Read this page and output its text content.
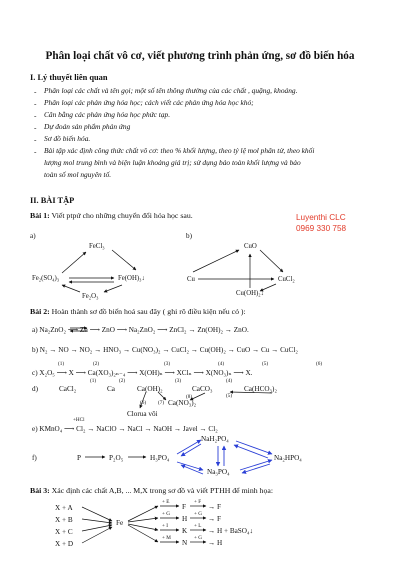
Phân loại chất vô cơ, viết phương trình phản ứng, sơ đồ biến hóa
I. Lý thuyết liên quan
- Phân loại các chất và tên gọi; một số tên thông thường của các chất , quặng, khoáng.
- Phân loại các phản ứng hóa học; cách viết các phản ứng hóa học khó;
- Cân bằng các phản ứng hóa học phức tạp.
- Dự đoán sản phẩm phản ứng
- Sơ đồ biến hóa.
- Bài tập xác định công thức chất vô cơ: theo % khối lượng, theo tỷ lệ mol phân tử, theo khối
lượng mol trung bình và biện luận khoảng giá trị; sử dụng bảo toàn khối lượng và bảo
toàn số mol nguyên tố.
II. BÀI TẬP
Bài 1: Viết ptpứ cho những chuyển đổi hóa học sau.	Luyenthi CLC
0969 330 758
a)
FeCl₃
Fe₂(SO₄)₃	Fe(OH)₃↓
Fe₂O₃
b)
CuO
Cu	CuCl₂
Cu(OH)₂↓
Bài 2: Hoàn thành sơ đồ biến hoá sau đây ( ghi rõ điều kiện nếu có ):
a) Na₂ZnO₂ ⟶ Zn ⟶ ZnO ⟶ Na₂ZnO₂ ⟶ ZnCl₂ → Zn(OH)₂ → ZnO.
b) N₂ → NO → NO₂ → HNO₃ → Cu(NO₃)₂ → CuCl₂ → Cu(OH)₂ → CuO → Cu → CuCl₂
c) X₂O₅ ⟶ X ⟶ Ca(XO₃)₂ₙ₋₄ ⟶ X(OH)ₙ ⟶ XClₙ ⟶ X(NO₃)ₙ ⟶ X.
(1)	(2)	(3)	(4)	(5)	(6)
d)	CaCl₂	Ca	Ca(OH)₂	CaCO₃	Ca(HCO₃)₂
Clorua vôi
Ca(NO₃)₂
(1)	(2)	(3)	(4)
(5)
(6) (7)
(8)
e) KMnO₄ ⟶ Cl₂ → NaClO → NaCl → NaOH → Javel → Cl₂
+HCl
f)	P	P₂O₅	H₃PO₄
NaH₂PO₄
Na₂HPO₄
Na₃PO₄
Bài 3: Xác định các chất A,B, ... M,X trong sơ đồ và viết PTHH để minh họa:
X + A
X + B
X + C
X + D
Fe
+ E
+ G
+ I
+ M
F
H
K
N
+ F
+ G
+ L
+ G
→ F
→ F
→ H + BaSO₄↓
→ H
